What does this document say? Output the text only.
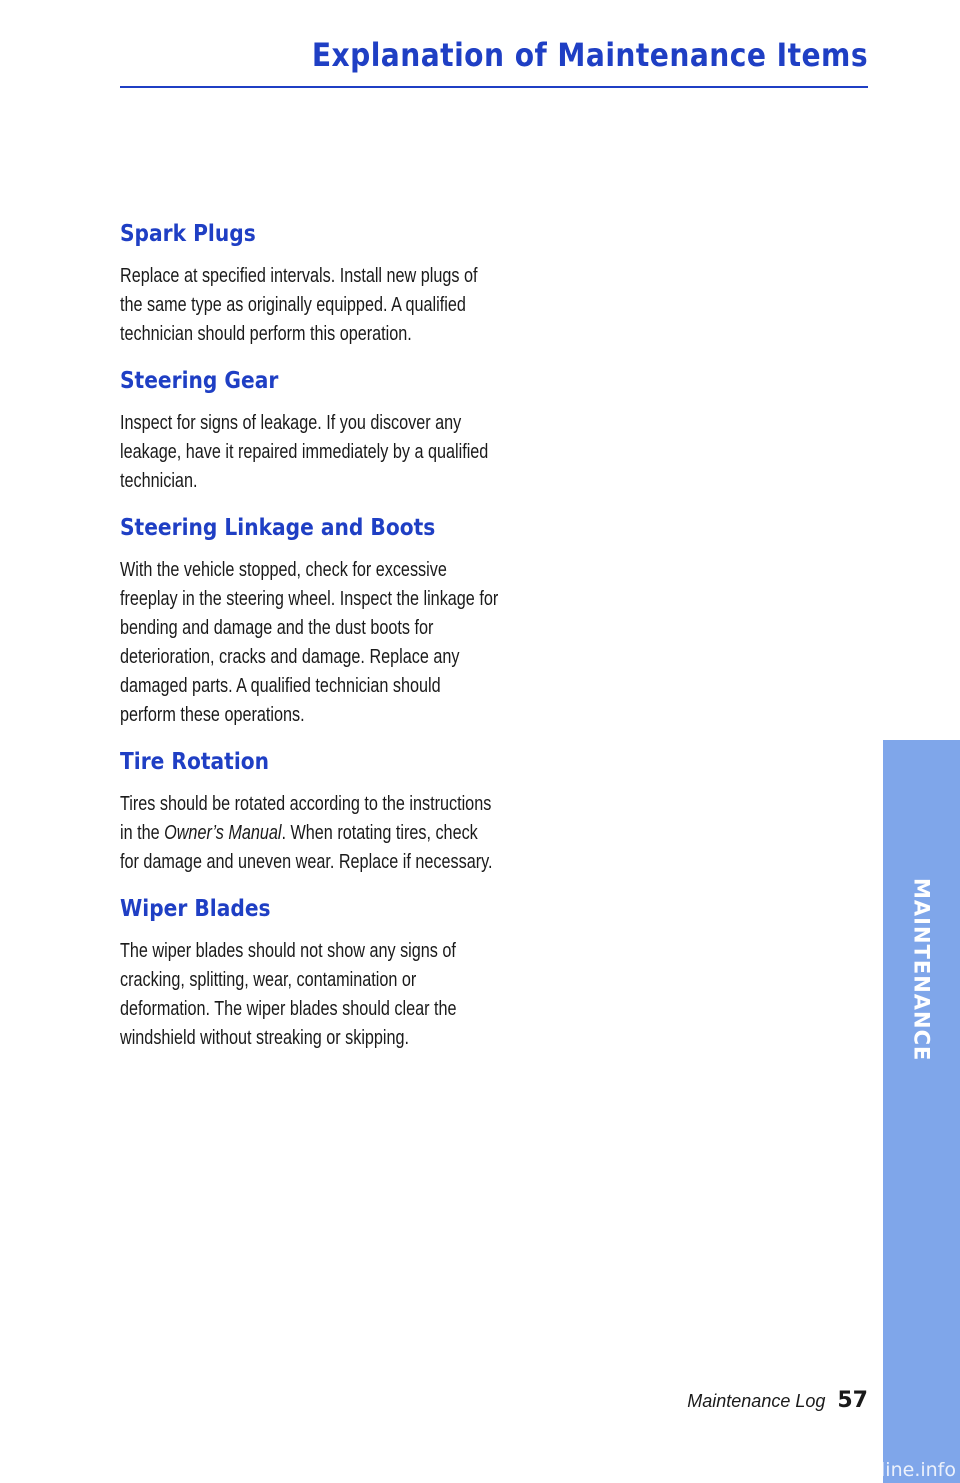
Explanation of Maintenance Items
Spark Plugs

Replace at specified intervals. Install new plugs of the same type as originally equipped. A qualified technician should perform this operation.

Steering Gear

Inspect for signs of leakage. If you discover any leakage, have it repaired immediately by a qualified technician.

Steering Linkage and Boots

With the vehicle stopped, check for excessive freeplay in the steering wheel. Inspect the linkage for bending and damage and the dust boots for deterioration, cracks and damage. Replace any damaged parts. A qualified technician should perform these operations.

Tire Rotation

Tires should be rotated according to the instructions in the Owner’s Manual. When rotating tires, check for damage and uneven wear. Replace if necessary.

Wiper Blades

The wiper blades should not show any signs of cracking, splitting, wear, contamination or deformation. The wiper blades should clear the windshield without streaking or skipping.	MAINTENANCE
Maintenance Log 57
carmanualsonline.info
